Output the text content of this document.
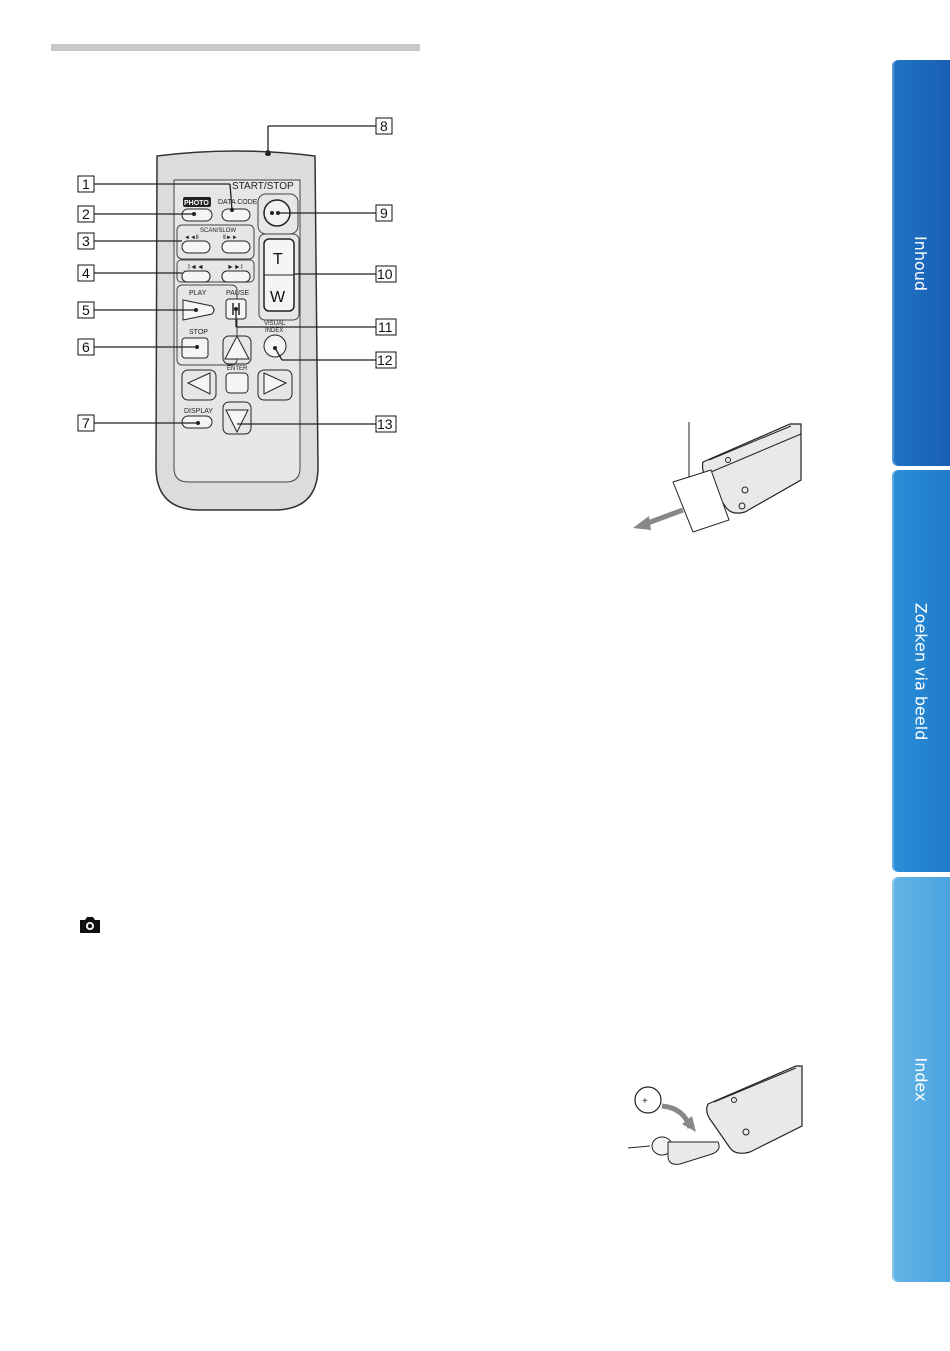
Inhoud
Zoeken via beeld
Index
START/STOP
PHOTO DATA CODE
SCAN/SLOW
◄◄Ⅱ	Ⅱ►►
T
W
I◄◄	►►I
PLAY	PAUSE
STOP
VISUAL
INDEX
ENTER
DISPLAY
1
2
3
4
5
6
7
8
9
10
11
12
13
+
